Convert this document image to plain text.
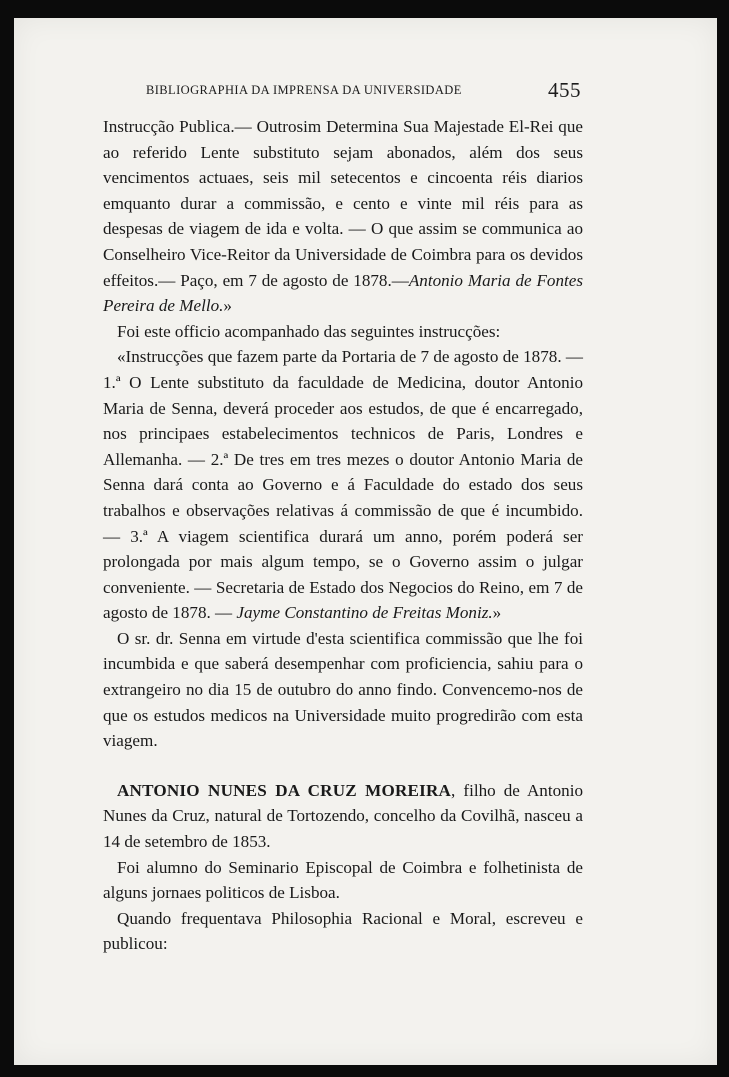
BIBLIOGRAPHIA DA IMPRENSA DA UNIVERSIDADE	455

Instrucção Publica.— Outrosim Determina Sua Majestade El-Rei que ao referido Lente substituto sejam abonados, além dos seus vencimentos actuaes, seis mil setecentos e cincoenta réis diarios emquanto durar a commissão, e cento e vinte mil réis para as despesas de viagem de ida e volta. — O que assim se communica ao Conselheiro Vice-Reitor da Universidade de Coimbra para os devidos effeitos.— Paço, em 7 de agosto de 1878.—Antonio Maria de Fontes Pereira de Mello.»

Foi este officio acompanhado das seguintes instrucções:

«Instrucções que fazem parte da Portaria de 7 de agosto de 1878. — 1.ª O Lente substituto da faculdade de Medicina, doutor Antonio Maria de Senna, deverá proceder aos estudos, de que é encarregado, nos principaes estabelecimentos technicos de Paris, Londres e Allemanha. — 2.ª De tres em tres mezes o doutor Antonio Maria de Senna dará conta ao Governo e á Faculdade do estado dos seus trabalhos e observações relativas á commissão de que é incumbido. — 3.ª A viagem scientifica durará um anno, porém poderá ser prolongada por mais algum tempo, se o Governo assim o julgar conveniente. — Secretaria de Estado dos Negocios do Reino, em 7 de agosto de 1878. — Jayme Constantino de Freitas Moniz.»

O sr. dr. Senna em virtude d'esta scientifica commissão que lhe foi incumbida e que saberá desempenhar com proficiencia, sahiu para o extrangeiro no dia 15 de outubro do anno findo. Convencemo-nos de que os estudos medicos na Universidade muito progredirão com esta viagem.

ANTONIO NUNES DA CRUZ MOREIRA, filho de Antonio Nunes da Cruz, natural de Tortozendo, concelho da Covilhã, nasceu a 14 de setembro de 1853.

Foi alumno do Seminario Episcopal de Coimbra e folhetinista de alguns jornaes politicos de Lisboa.

Quando frequentava Philosophia Racional e Moral, escreveu e publicou:
